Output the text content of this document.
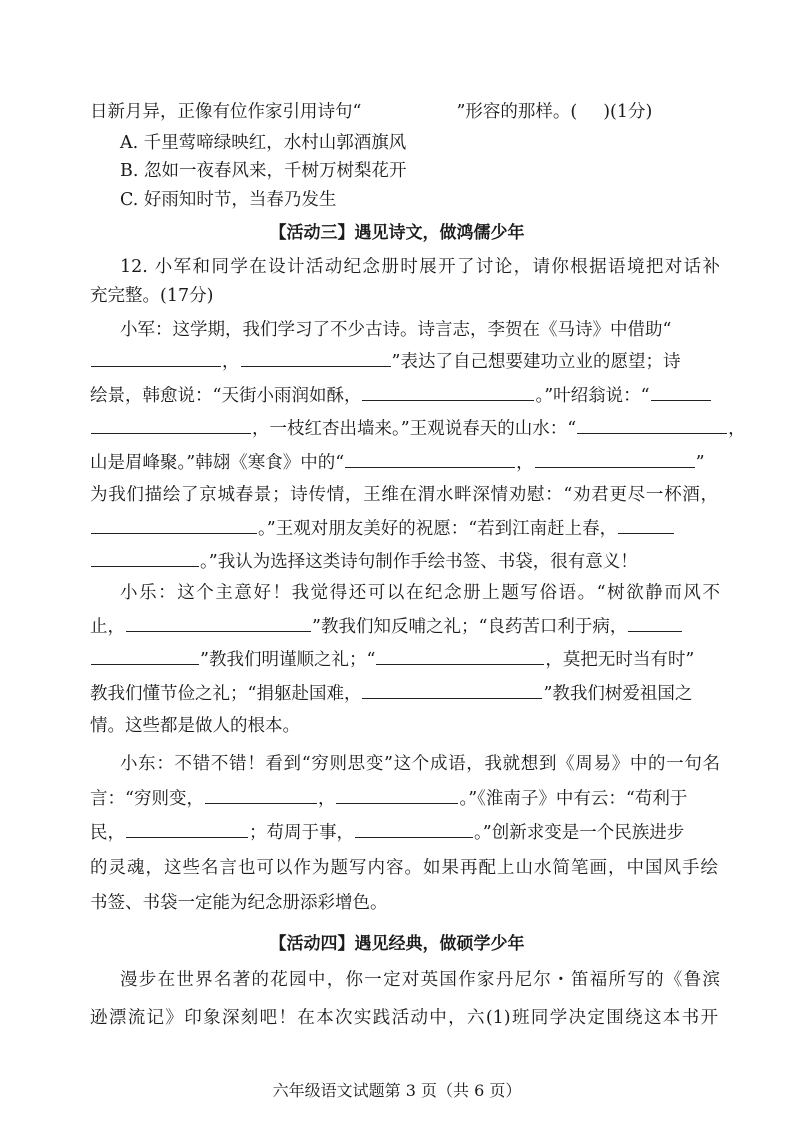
日新月异，正像有位作家引用诗句“	”形容的那样。( )(1分)
A. 千里莺啼绿映红，水村山郭酒旗风
B. 忽如一夜春风来，千树万树梨花开
C. 好雨知时节，当春乃发生
【活动三】遇见诗文，做鸿儒少年
12. 小军和同学在设计活动纪念册时展开了讨论，请你根据语境把对话补
充完整。(17分)
小军：这学期，我们学习了不少古诗。诗言志，李贺在《马诗》中借助“
，	”表达了自己想要建功立业的愿望；诗
绘景，韩愈说：“天街小雨润如酥，	。”叶绍翁说：“
，一枝红杏出墙来。”王观说春天的山水：“	，
山是眉峰聚。”韩翃《寒食》中的“	，	”
为我们描绘了京城春景；诗传情，王维在渭水畔深情劝慰：“劝君更尽一杯酒，
。”王观对朋友美好的祝愿：“若到江南赶上春，
。”我认为选择这类诗句制作手绘书签、书袋，很有意义！
小乐：这个主意好！我觉得还可以在纪念册上题写俗语。“树欲静而风不
止，	”教我们知反哺之礼；“良药苦口利于病，
”教我们明谨顺之礼；“	，莫把无时当有时”
教我们懂节俭之礼；“捐躯赴国难，	”教我们树爱祖国之
情。这些都是做人的根本。
小东：不错不错！看到“穷则思变”这个成语，我就想到《周易》中的一句名
言：“穷则变，	，	。”《淮南子》中有云：“苟利于
民，	；苟周于事，	。”创新求变是一个民族进步
的灵魂，这些名言也可以作为题写内容。如果再配上山水简笔画，中国风手绘
书签、书袋一定能为纪念册添彩增色。
【活动四】遇见经典，做硕学少年
漫步在世界名著的花园中，你一定对英国作家丹尼尔・笛福所写的《鲁滨
逊漂流记》印象深刻吧！在本次实践活动中，六(1)班同学决定围绕这本书开
六年级语文试题第 3 页（共 6 页）
